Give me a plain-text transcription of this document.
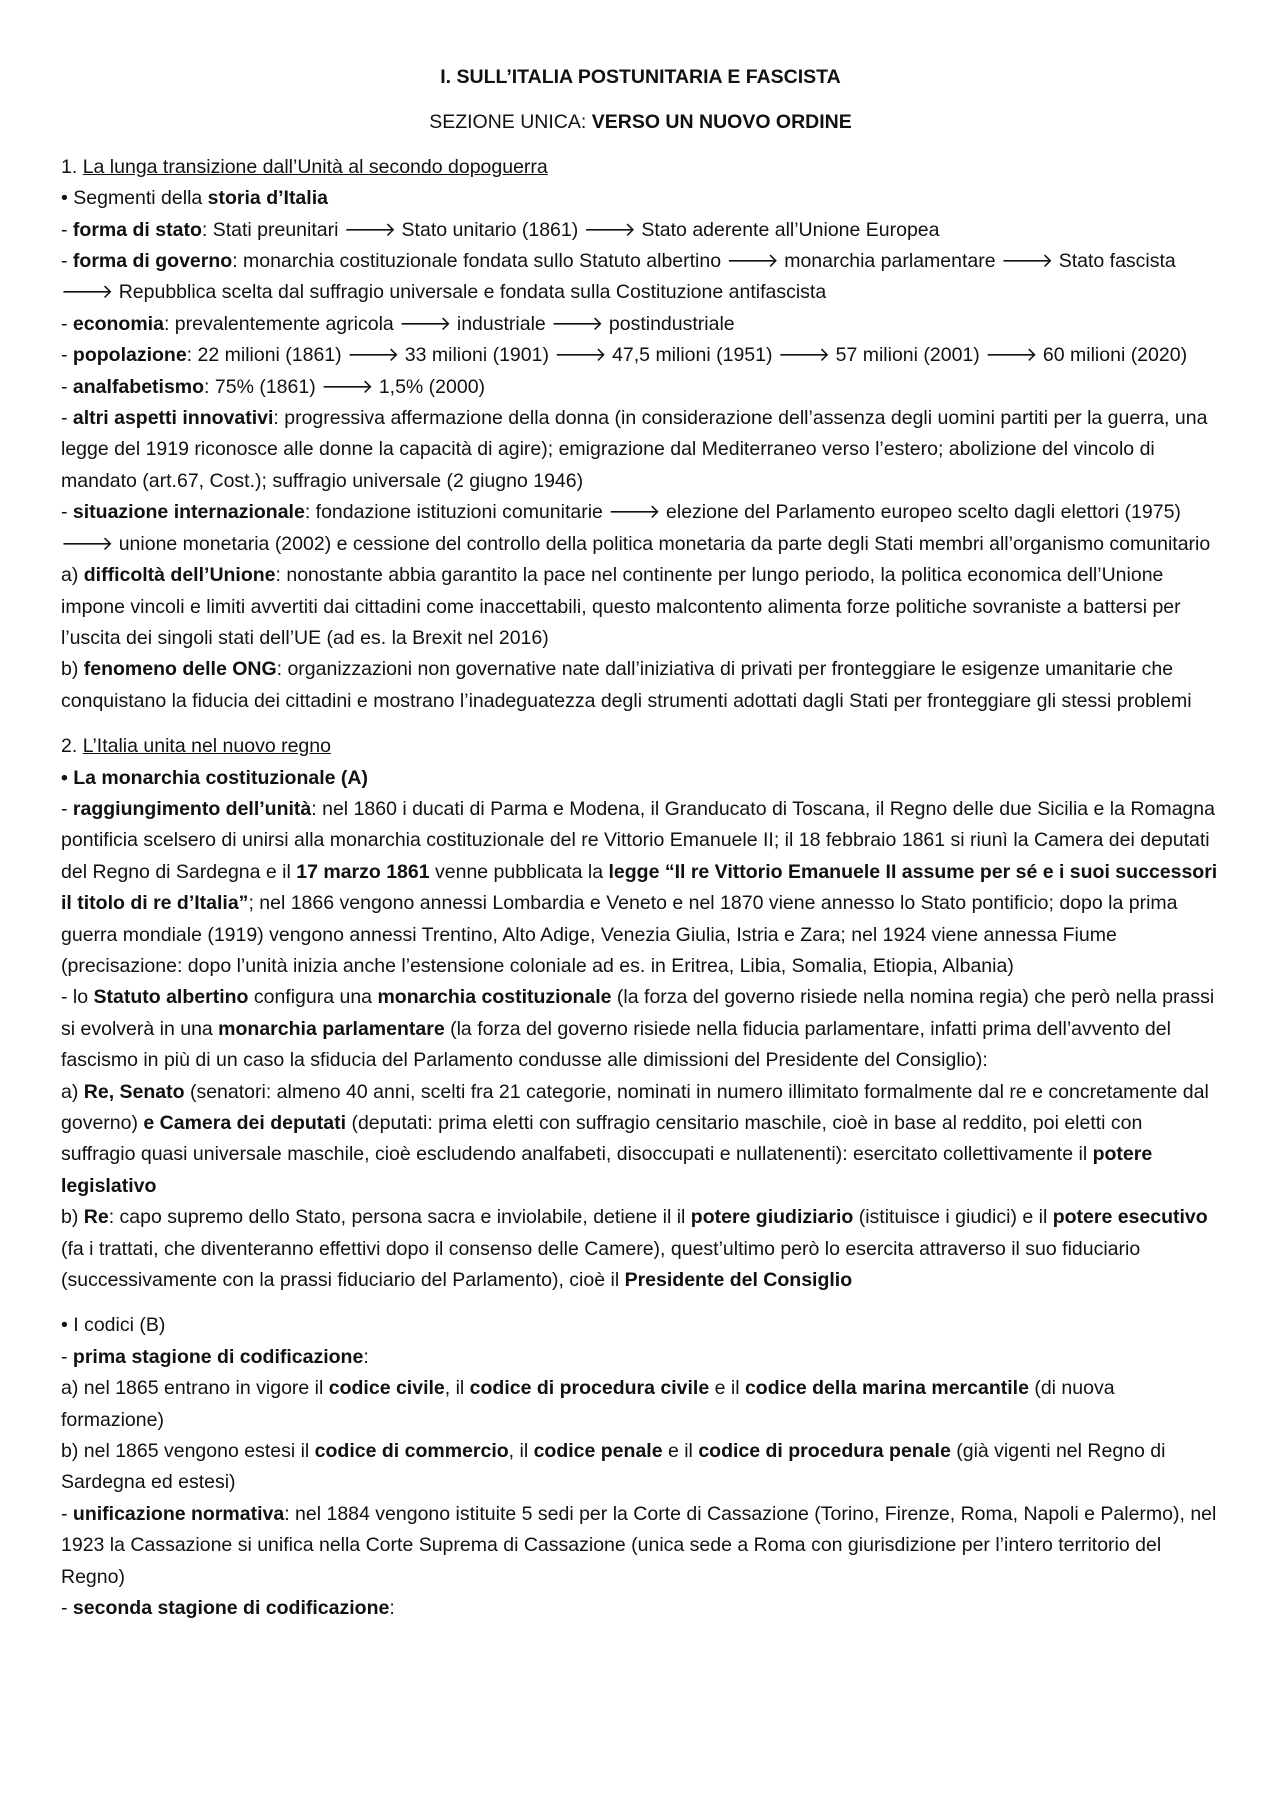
I. SULL’ITALIA POSTUNITARIA E FASCISTA

SEZIONE UNICA: VERSO UN NUOVO ORDINE

1. La lunga transizione dall’Unità al secondo dopoguerra

• Segmenti della storia d’Italia

- forma di stato: Stati preunitari 🡒 Stato unitario (1861) 🡒 Stato aderente all’Unione Europea

- forma di governo: monarchia costituzionale fondata sullo Statuto albertino 🡒 monarchia parlamentare 🡒 Stato fascista 🡒 Repubblica scelta dal suffragio universale e fondata sulla Costituzione antifascista

- economia: prevalentemente agricola 🡒 industriale 🡒 postindustriale

- popolazione: 22 milioni (1861) 🡒 33 milioni (1901) 🡒 47,5 milioni (1951) 🡒 57 milioni (2001) 🡒 60 milioni (2020)

- analfabetismo: 75% (1861) 🡒 1,5% (2000)

- altri aspetti innovativi: progressiva affermazione della donna (in considerazione dell’assenza degli uomini partiti per la guerra, una legge del 1919 riconosce alle donne la capacità di agire); emigrazione dal Mediterraneo verso l’estero; abolizione del vincolo di mandato (art.67, Cost.); suffragio universale (2 giugno 1946)

- situazione internazionale: fondazione istituzioni comunitarie 🡒 elezione del Parlamento europeo scelto dagli elettori (1975) 🡒 unione monetaria (2002) e cessione del controllo della politica monetaria da parte degli Stati membri all’organismo comunitario

a) difficoltà dell’Unione: nonostante abbia garantito la pace nel continente per lungo periodo, la politica economica dell’Unione impone vincoli e limiti avvertiti dai cittadini come inaccettabili, questo malcontento alimenta forze politiche sovraniste a battersi per l’uscita dei singoli stati dell’UE (ad es. la Brexit nel 2016)

b) fenomeno delle ONG: organizzazioni non governative nate dall’iniziativa di privati per fronteggiare le esigenze umanitarie che conquistano la fiducia dei cittadini e mostrano l’inadeguatezza degli strumenti adottati dagli Stati per fronteggiare gli stessi problemi

2. L’Italia unita nel nuovo regno

• La monarchia costituzionale (A)

- raggiungimento dell’unità: nel 1860 i ducati di Parma e Modena, il Granducato di Toscana, il Regno delle due Sicilia e la Romagna pontificia scelsero di unirsi alla monarchia costituzionale del re Vittorio Emanuele II; il 18 febbraio 1861 si riunì la Camera dei deputati del Regno di Sardegna e il 17 marzo 1861 venne pubblicata la legge “Il re Vittorio Emanuele II assume per sé e i suoi successori il titolo di re d’Italia”; nel 1866 vengono annessi Lombardia e Veneto e nel 1870 viene annesso lo Stato pontificio; dopo la prima guerra mondiale (1919) vengono annessi Trentino, Alto Adige, Venezia Giulia, Istria e Zara; nel 1924 viene annessa Fiume (precisazione: dopo l’unità inizia anche l’estensione coloniale ad es. in Eritrea, Libia, Somalia, Etiopia, Albania)

- lo Statuto albertino configura una monarchia costituzionale (la forza del governo risiede nella nomina regia) che però nella prassi si evolverà in una monarchia parlamentare (la forza del governo risiede nella fiducia parlamentare, infatti prima dell’avvento del fascismo in più di un caso la sfiducia del Parlamento condusse alle dimissioni del Presidente del Consiglio):

a) Re, Senato (senatori: almeno 40 anni, scelti fra 21 categorie, nominati in numero illimitato formalmente dal re e concretamente dal governo) e Camera dei deputati (deputati: prima eletti con suffragio censitario maschile, cioè in base al reddito, poi eletti con suffragio quasi universale maschile, cioè escludendo analfabeti, disoccupati e nullatenenti): esercitato collettivamente il potere legislativo

b) Re: capo supremo dello Stato, persona sacra e inviolabile, detiene il il potere giudiziario (istituisce i giudici) e il potere esecutivo (fa i trattati, che diventeranno effettivi dopo il consenso delle Camere), quest’ultimo però lo esercita attraverso il suo fiduciario (successivamente con la prassi fiduciario del Parlamento), cioè il Presidente del Consiglio

• I codici (B)

- prima stagione di codificazione:

a) nel 1865 entrano in vigore il codice civile, il codice di procedura civile e il codice della marina mercantile (di nuova formazione)

b) nel 1865 vengono estesi il codice di commercio, il codice penale e il codice di procedura penale (già vigenti nel Regno di Sardegna ed estesi)

- unificazione normativa: nel 1884 vengono istituite 5 sedi per la Corte di Cassazione (Torino, Firenze, Roma, Napoli e Palermo), nel 1923 la Cassazione si unifica nella Corte Suprema di Cassazione (unica sede a Roma con giurisdizione per l’intero territorio del Regno)

- seconda stagione di codificazione:
